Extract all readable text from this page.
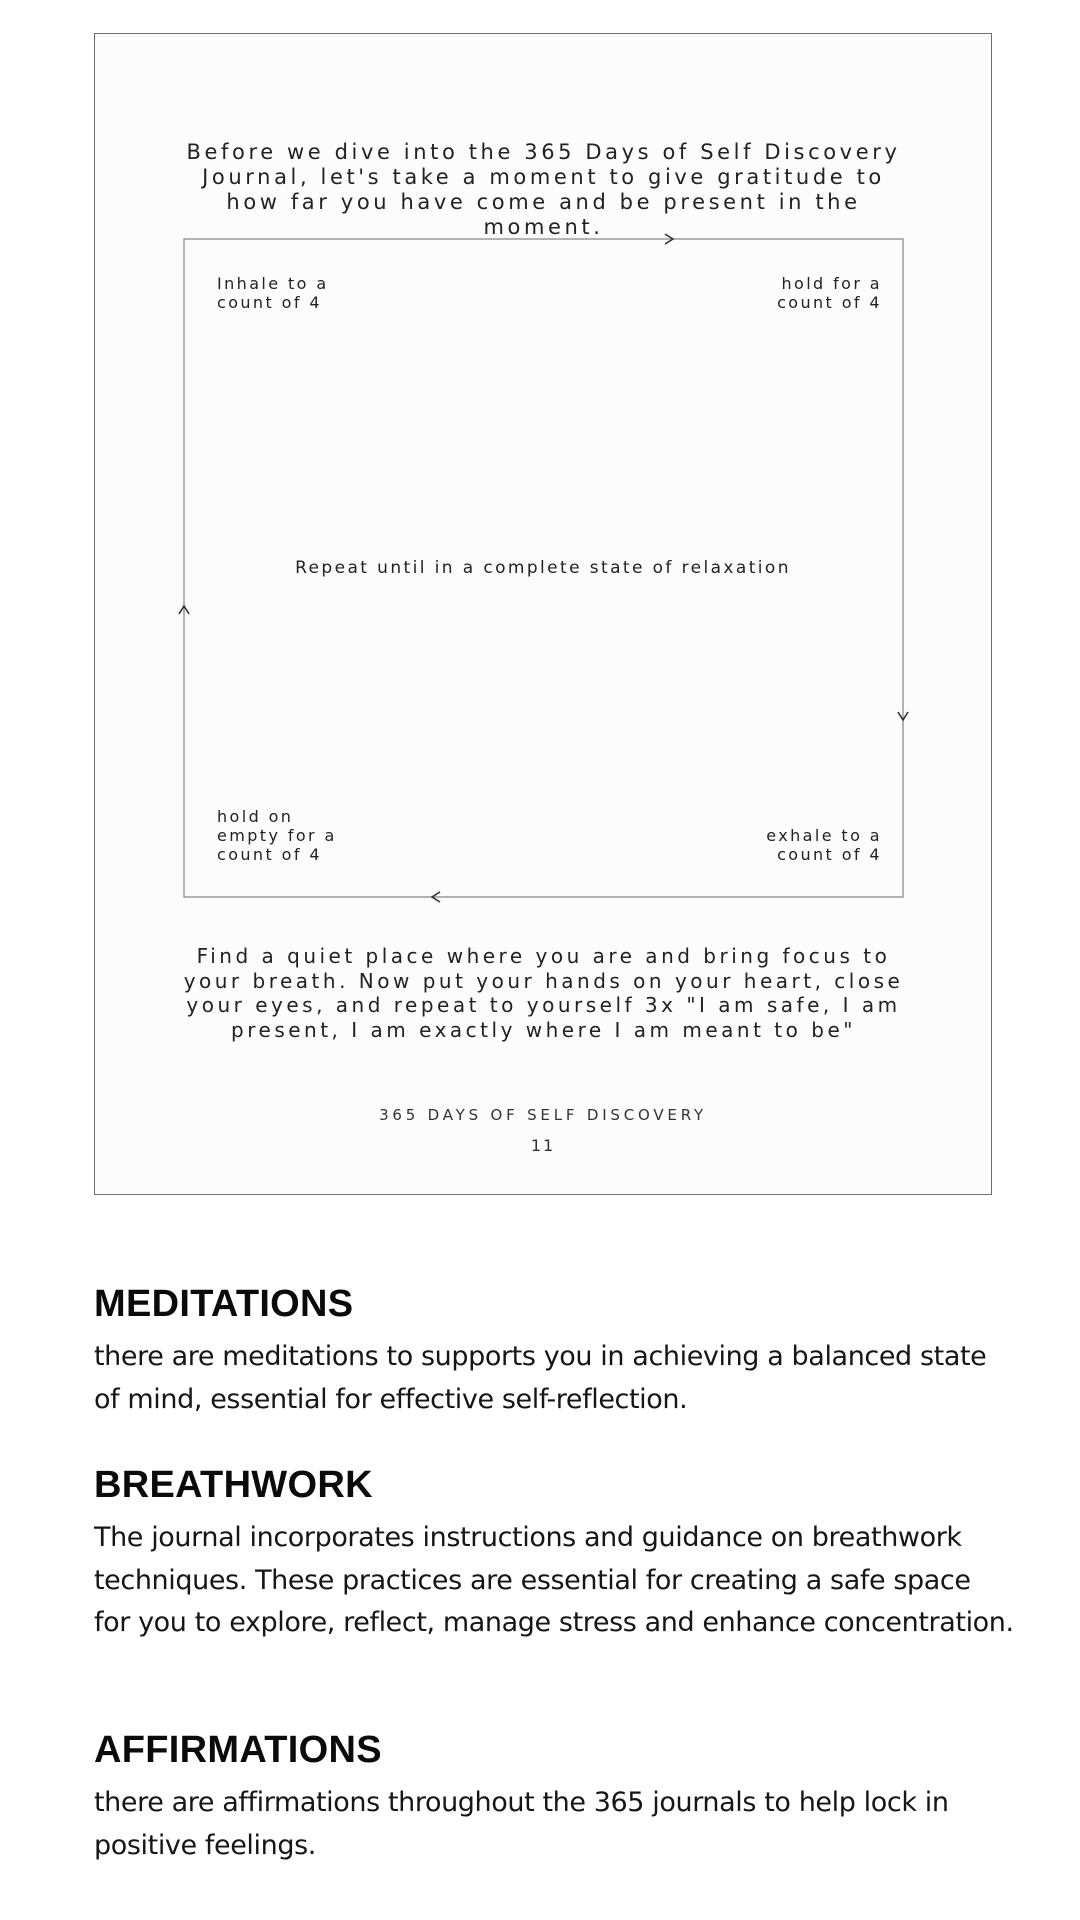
Before we dive into the 365 Days of Self Discovery Journal, let's take a moment to give gratitude to how far you have come and be present in the moment.
Inhale to a
count of 4
hold for a
count of 4
hold on
empty for a
count of 4
exhale to a
count of 4
Repeat until in a complete state of relaxation
Find a quiet place where you are and bring focus to your breath. Now put your hands on your heart, close your eyes, and repeat to yourself 3x "I am safe, I am present, I am exactly where I am meant to be"
365 DAYS OF SELF DISCOVERY
11
MEDITATIONS

there are meditations to supports you in achieving a balanced state of mind, essential for effective self-reflection.

BREATHWORK

The journal incorporates instructions and guidance on breathwork techniques. These practices are essential for creating a safe space for you to explore, reflect, manage stress and enhance concentration.

AFFIRMATIONS

there are affirmations throughout the 365 journals to help lock in positive feelings.
